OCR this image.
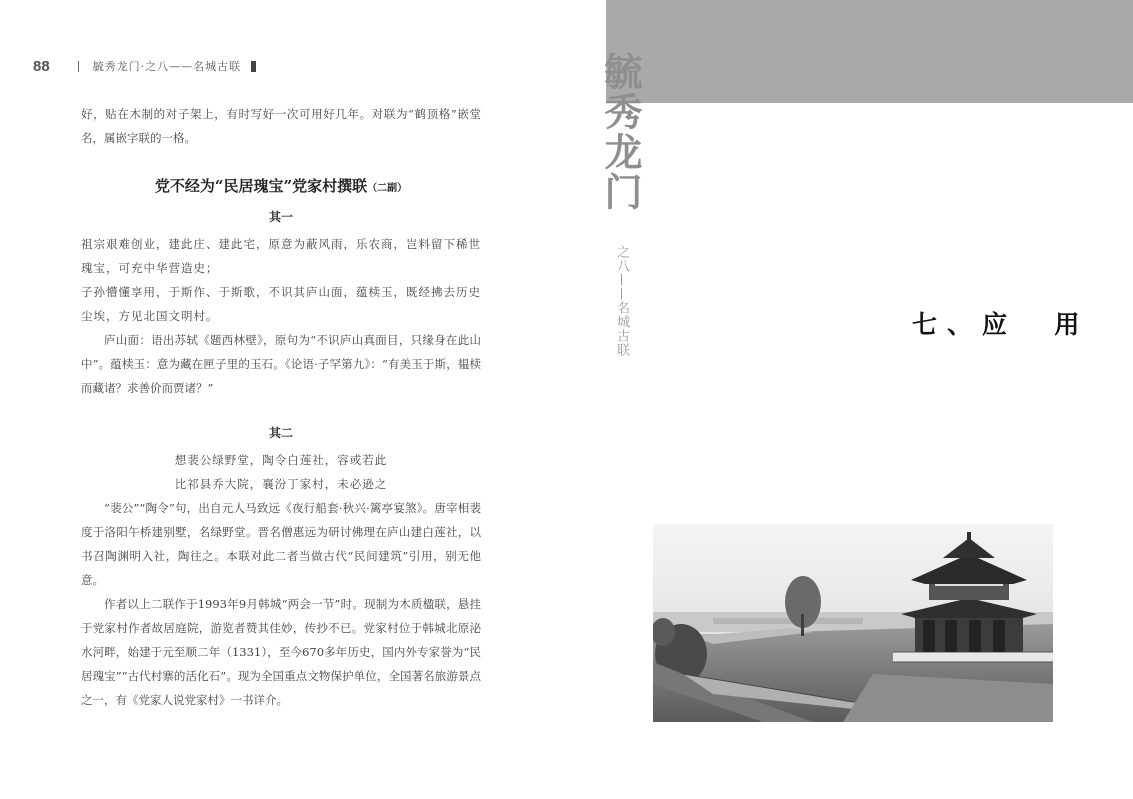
88	毓秀龙门·之八——名城古联

好，贴在木制的对子架上，有时写好一次可用好几年。对联为“鹤顶格”嵌堂名，属嵌字联的一格。

党不经为“民居瑰宝”党家村撰联（二副）
其一

祖宗艰难创业，建此庄、建此宅，原意为蔽风雨，乐农商，岂料留下稀世瑰宝，可充中华营造史；

子孙懵懂享用，于斯作、于斯歌，不识其庐山面，蕴椟玉，既经拂去历史尘埃，方见北国文明村。

庐山面：语出苏轼《题西林壁》，原句为“不识庐山真面目，只缘身在此山中”。蕴椟玉：意为藏在匣子里的玉石。《论语·子罕第九》：“有美玉于斯，韫椟而藏诸？求善价而贾诸？”

其二

想裴公绿野堂，陶令白莲社，容或若此

比祁县乔大院，襄汾丁家村，未必逊之

“裴公”“陶令”句，出自元人马致远《夜行船套·秋兴·篱亭宴煞》。唐宰相裴度于洛阳午桥建别墅，名绿野堂。晋名僧惠远为研讨佛理在庐山建白莲社，以书召陶渊明入社，陶往之。本联对此二者当做古代“民间建筑”引用，别无他意。

作者以上二联作于1993年9月韩城“两会一节”时。现制为木质楹联，悬挂于党家村作者故居庭院，游览者赞其佳妙，传抄不已。党家村位于韩城北原泌水河畔，始建于元至顺二年（1331），至今670多年历史，国内外专家誉为“民居瑰宝”“古代村寨的活化石”。现为全国重点文物保护单位，全国著名旅游景点之一，有《党家人说党家村》一书详介。

毓秀龙门
之八——名城古联	七、应  用
